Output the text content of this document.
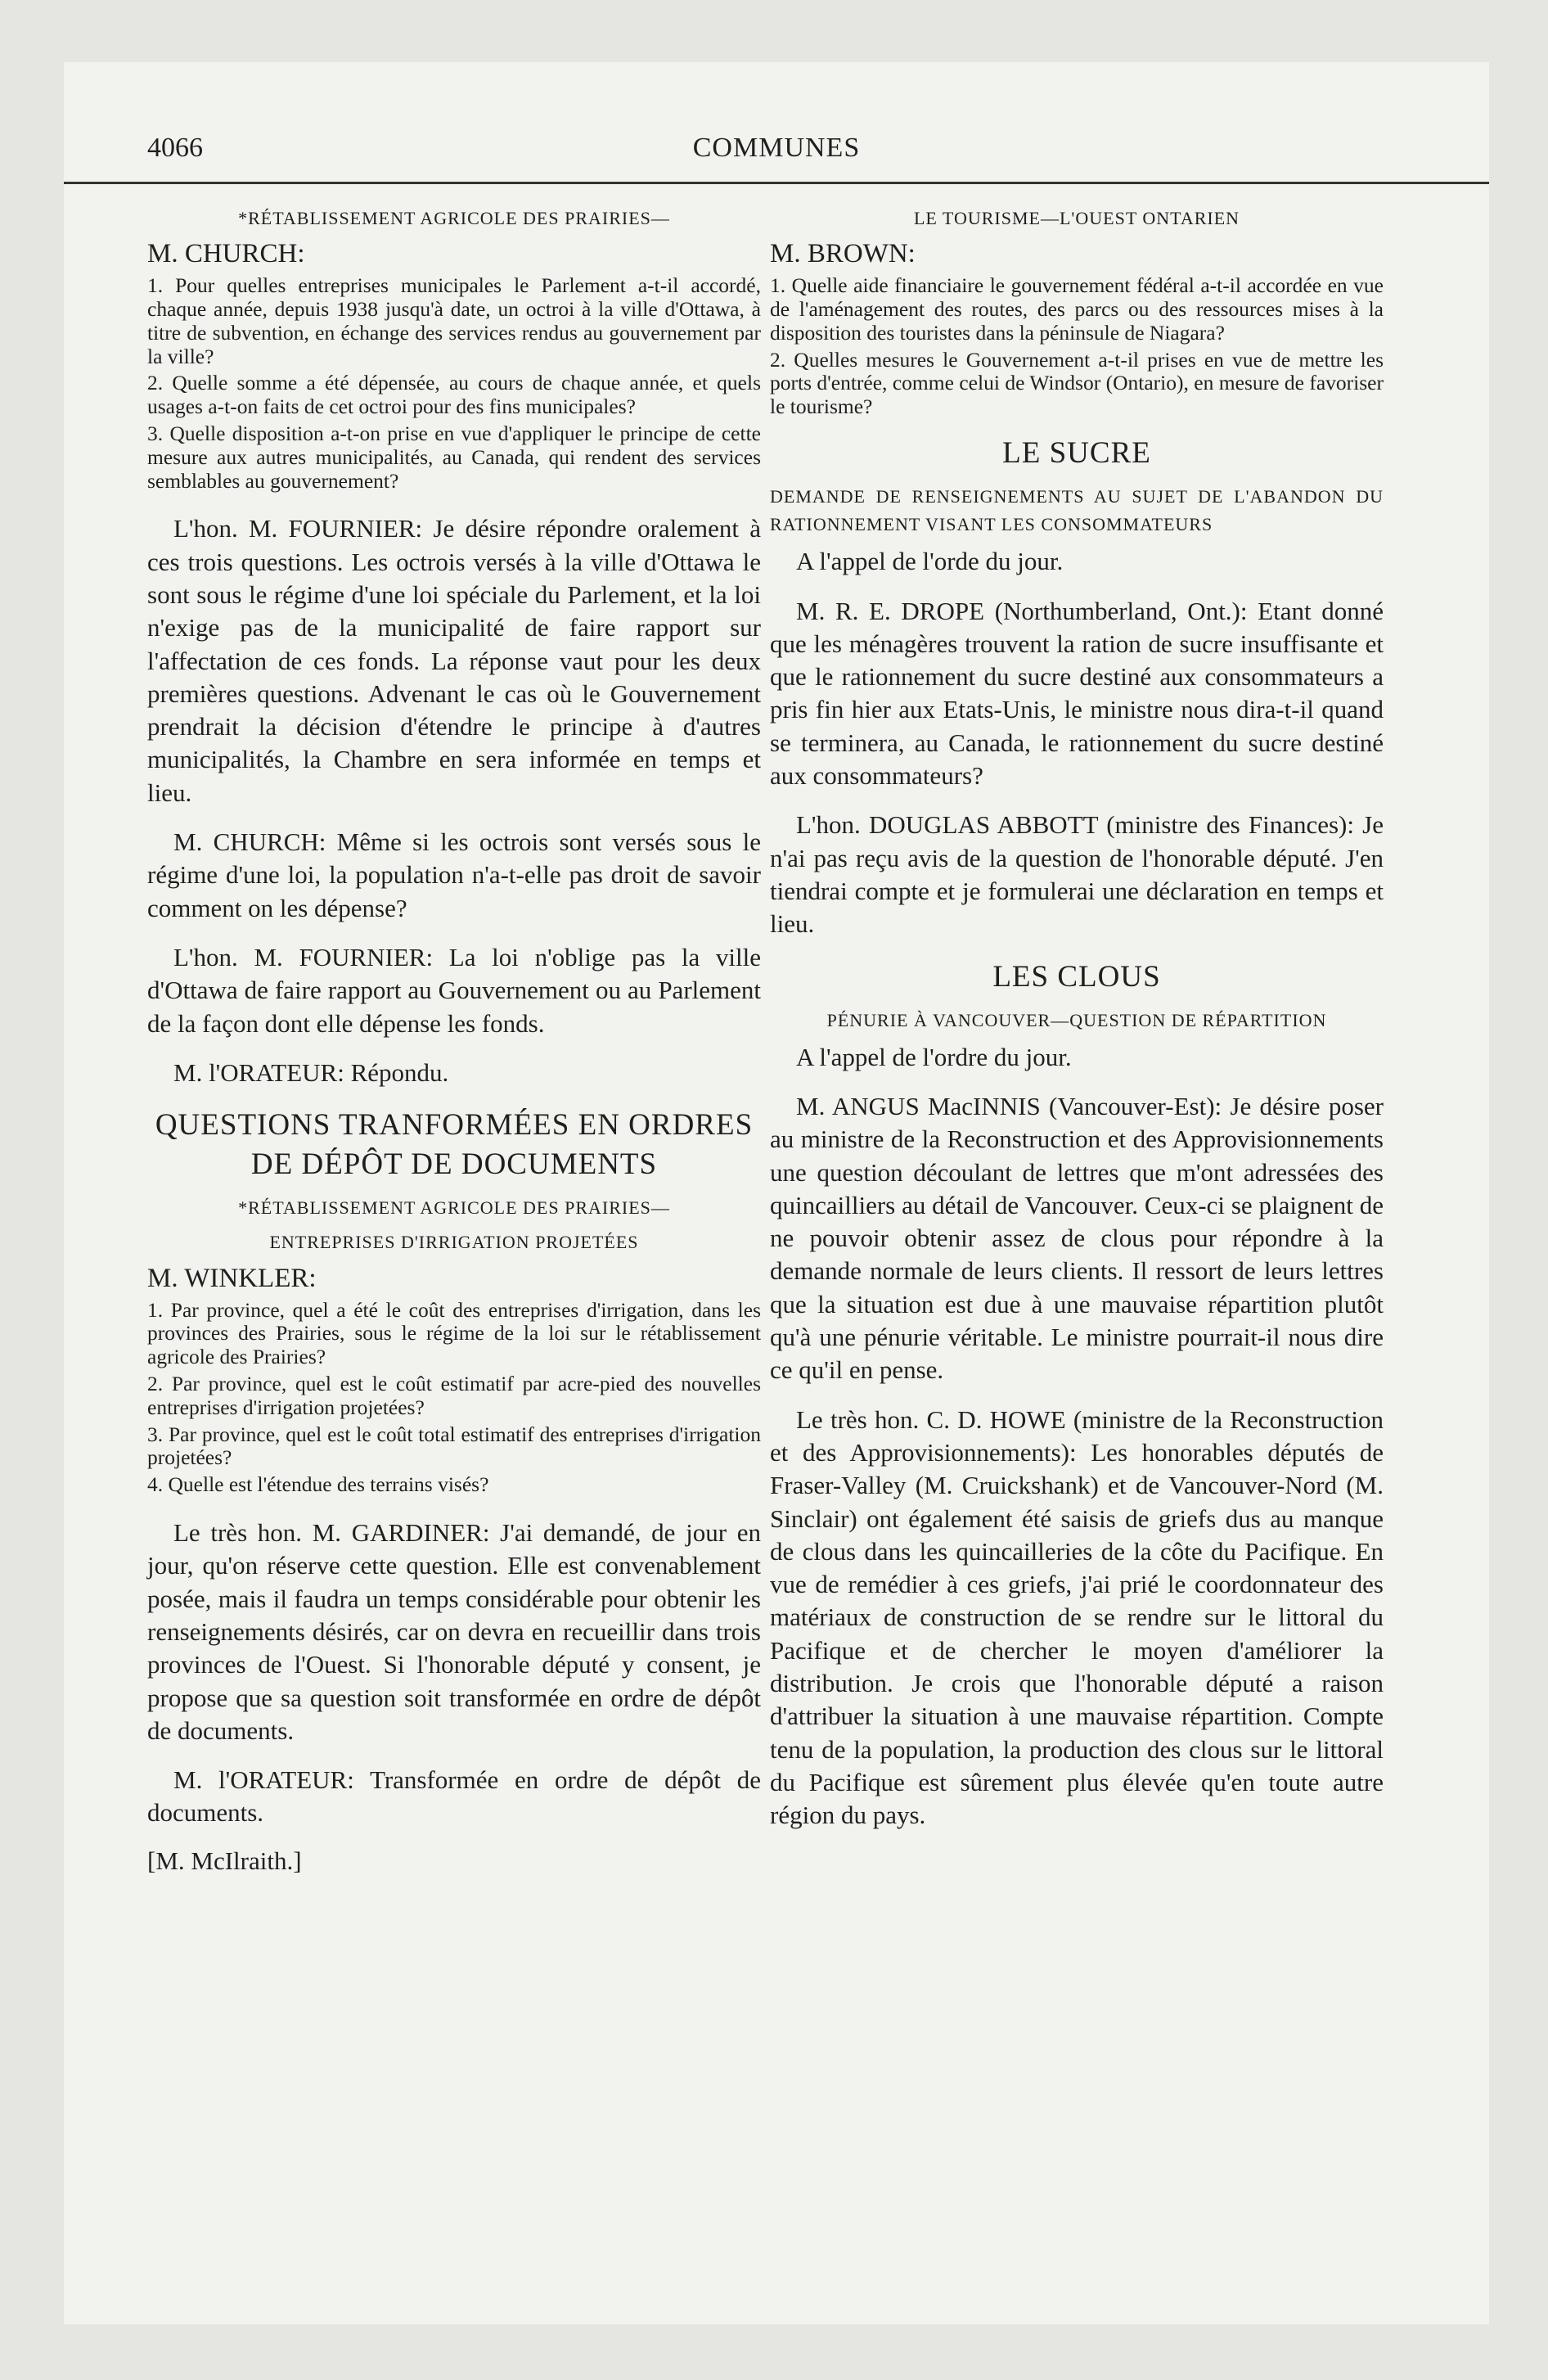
4066	COMMUNES
*RÉTABLISSEMENT AGRICOLE DES PRAIRIES—
M. CHURCH:

1. Pour quelles entreprises municipales le Parlement a-t-il accordé, chaque année, depuis 1938 jusqu'à date, un octroi à la ville d'Ottawa, à titre de subvention, en échange des services rendus au gouvernement par la ville?

2. Quelle somme a été dépensée, au cours de chaque année, et quels usages a-t-on faits de cet octroi pour des fins municipales?

3. Quelle disposition a-t-on prise en vue d'appliquer le principe de cette mesure aux autres municipalités, au Canada, qui rendent des services semblables au gouvernement?

L'hon. M. FOURNIER: Je désire répondre oralement à ces trois questions. Les octrois versés à la ville d'Ottawa le sont sous le régime d'une loi spéciale du Parlement, et la loi n'exige pas de la municipalité de faire rapport sur l'affectation de ces fonds. La réponse vaut pour les deux premières questions. Advenant le cas où le Gouvernement prendrait la décision d'étendre le principe à d'autres municipalités, la Chambre en sera informée en temps et lieu.

M. CHURCH: Même si les octrois sont versés sous le régime d'une loi, la population n'a-t-elle pas droit de savoir comment on les dépense?

L'hon. M. FOURNIER: La loi n'oblige pas la ville d'Ottawa de faire rapport au Gouvernement ou au Parlement de la façon dont elle dépense les fonds.

M. l'ORATEUR: Répondu.

QUESTIONS TRANFORMÉES EN ORDRES DE DÉPÔT DE DOCUMENTS
*RÉTABLISSEMENT AGRICOLE DES PRAIRIES—
ENTREPRISES D'IRRIGATION PROJETÉES
M. WINKLER:

1. Par province, quel a été le coût des entreprises d'irrigation, dans les provinces des Prairies, sous le régime de la loi sur le rétablissement agricole des Prairies?

2. Par province, quel est le coût estimatif par acre-pied des nouvelles entreprises d'irrigation projetées?

3. Par province, quel est le coût total estimatif des entreprises d'irrigation projetées?

4. Quelle est l'étendue des terrains visés?

Le très hon. M. GARDINER: J'ai demandé, de jour en jour, qu'on réserve cette question. Elle est convenablement posée, mais il faudra un temps considérable pour obtenir les renseignements désirés, car on devra en recueillir dans trois provinces de l'Ouest. Si l'honorable député y consent, je propose que sa question soit transformée en ordre de dépôt de documents.

M. l'ORATEUR: Transformée en ordre de dépôt de documents.

[M. McIlraith.]
LE TOURISME—L'OUEST ONTARIEN
M. BROWN:

1. Quelle aide financiaire le gouvernement fédéral a-t-il accordée en vue de l'aménagement des routes, des parcs ou des ressources mises à la disposition des touristes dans la péninsule de Niagara?

2. Quelles mesures le Gouvernement a-t-il prises en vue de mettre les ports d'entrée, comme celui de Windsor (Ontario), en mesure de favoriser le tourisme?

LE SUCRE
DEMANDE DE RENSEIGNEMENTS AU SUJET DE L'ABANDON DU RATIONNEMENT VISANT LES CONSOMMATEURS

A l'appel de l'orde du jour.

M. R. E. DROPE (Northumberland, Ont.): Etant donné que les ménagères trouvent la ration de sucre insuffisante et que le rationnement du sucre destiné aux consommateurs a pris fin hier aux Etats-Unis, le ministre nous dira-t-il quand se terminera, au Canada, le rationnement du sucre destiné aux consommateurs?

L'hon. DOUGLAS ABBOTT (ministre des Finances): Je n'ai pas reçu avis de la question de l'honorable député. J'en tiendrai compte et je formulerai une déclaration en temps et lieu.

LES CLOUS
PÉNURIE À VANCOUVER—QUESTION DE RÉPARTITION

A l'appel de l'ordre du jour.

M. ANGUS MacINNIS (Vancouver-Est): Je désire poser au ministre de la Reconstruction et des Approvisionnements une question découlant de lettres que m'ont adressées des quincailliers au détail de Vancouver. Ceux-ci se plaignent de ne pouvoir obtenir assez de clous pour répondre à la demande normale de leurs clients. Il ressort de leurs lettres que la situation est due à une mauvaise répartition plutôt qu'à une pénurie véritable. Le ministre pourrait-il nous dire ce qu'il en pense.

Le très hon. C. D. HOWE (ministre de la Reconstruction et des Approvisionnements): Les honorables députés de Fraser-Valley (M. Cruickshank) et de Vancouver-Nord (M. Sinclair) ont également été saisis de griefs dus au manque de clous dans les quincailleries de la côte du Pacifique. En vue de remédier à ces griefs, j'ai prié le coordonnateur des matériaux de construction de se rendre sur le littoral du Pacifique et de chercher le moyen d'améliorer la distribution. Je crois que l'honorable député a raison d'attribuer la situation à une mauvaise répartition. Compte tenu de la population, la production des clous sur le littoral du Pacifique est sûrement plus élevée qu'en toute autre région du pays.
